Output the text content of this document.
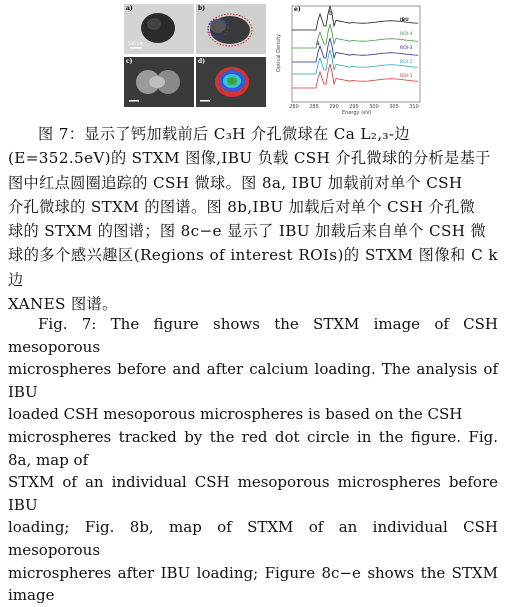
a)
500 nm
b)
c)	d)
280 285 290 295 300 305 310
e)
a
b
Optical Density
Energy (eV)
IBU
ROI-4
ROI-3
ROI-2
ROI-1

图 7：显示了钙加载前后 C₃H 介孔微球在 Ca L₂,₃-边

(E=352.5eV)的 STXM 图像,IBU 负载 CSH 介孔微球的分析是基于

图中红点圆圈追踪的 CSH 微球。图 8a, IBU 加载前对单个 CSH

介孔微球的 STXM 的图谱。图 8b,IBU 加载后对单个 CSH 介孔微

球的 STXM 的图谱；图 8c−e 显示了 IBU 加载后来自单个 CSH 微

球的多个感兴趣区(Regions of interest ROIs)的 STXM 图像和 C k 边

XANES 图谱。

Fig. 7: The figure shows the STXM image of CSH mesoporous

microspheres before and after calcium loading. The analysis of IBU

loaded CSH mesoporous microspheres is based on the CSH

microspheres tracked by the red dot circle in the figure. Fig. 8a, map of

STXM of an individual CSH mesoporous microspheres before IBU

loading; Fig. 8b, map of STXM of an individual CSH mesoporous

microspheres after IBU loading; Figure 8c−e shows the STXM image
